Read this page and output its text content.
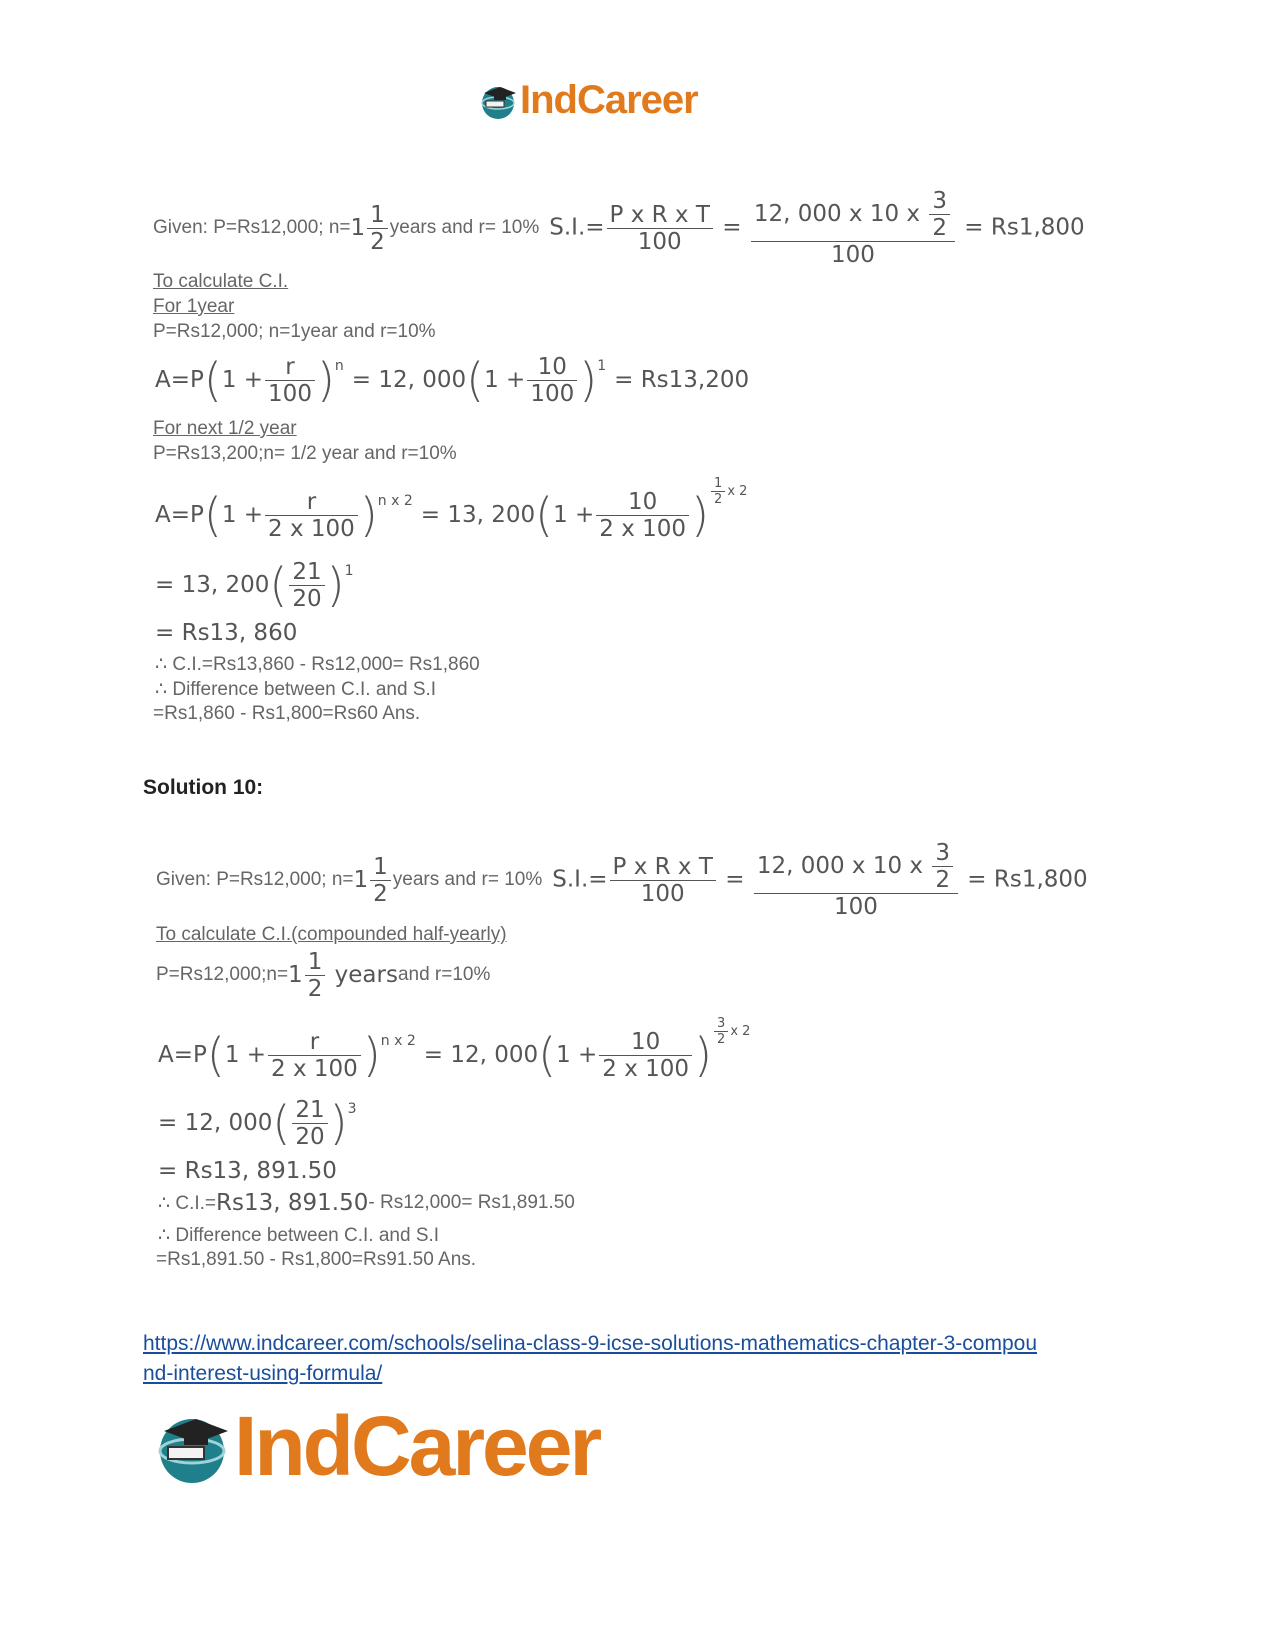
IndCareer
Given: P=Rs12,000; $n= 1 \frac{1}{2}$ years and r= 10% $S.I.= \frac{\text{P x R x T}}{100} = \frac{12, 000 x 10 x \frac{3}{2}}{100} = Rs1,800$
To calculate C.I.
For 1year
P=Rs12,000; n=1year and r=10%
A=P ( $1 + \frac{r}{100}$ ) n
= 12, 000 ( $1 + \frac{10}{100}$ ) 1
= Rs13,200
For next 1/2 year
P=Rs13,200;n= 1/2 year and r=10%
A=P ( $1 + \frac{r}{2 x 100}$ ) n x 2
= 13, 200 ( $1 + \frac{10}{2 x 100}$ ) $\frac{1}{2}$ x 2
= 13, 200 ( $\frac{21}{20}$ ) 1
= Rs13, 860
∴ C.I.=Rs13,860 - Rs12,000= Rs1,860
∴ Difference between C.I. and S.I
=Rs1,860 - Rs1,800=Rs60 Ans.
Solution 10:
Given: P=Rs12,000; $n= 1 \frac{1}{2}$ years and r= 10% $S.I.= \frac{\text{P x R x T}}{100} = \frac{12, 000 x 10 x \frac{3}{2}}{100} = Rs1,800$
To calculate C.I.(compounded half-yearly)
P=Rs12,000;n= $1 \frac{1}{2}$ years and r=10%
A=P ( $1 + \frac{r}{2 x 100}$ ) n x 2
= 12, 000 ( $1 + \frac{10}{2 x 100}$ ) $\frac{3}{2}$ x 2
= 12, 000 ( $\frac{21}{20}$ ) 3
= Rs13, 891.50
∴ C.I.= Rs13, 891.50 - Rs12,000= Rs1,891.50
∴ Difference between C.I. and S.I
=Rs1,891.50 - Rs1,800=Rs91.50 Ans.
https://www.indcareer.com/schools/selina-class-9-icse-solutions-mathematics-chapter-3-compou
nd-interest-using-formula/
IndCareer
